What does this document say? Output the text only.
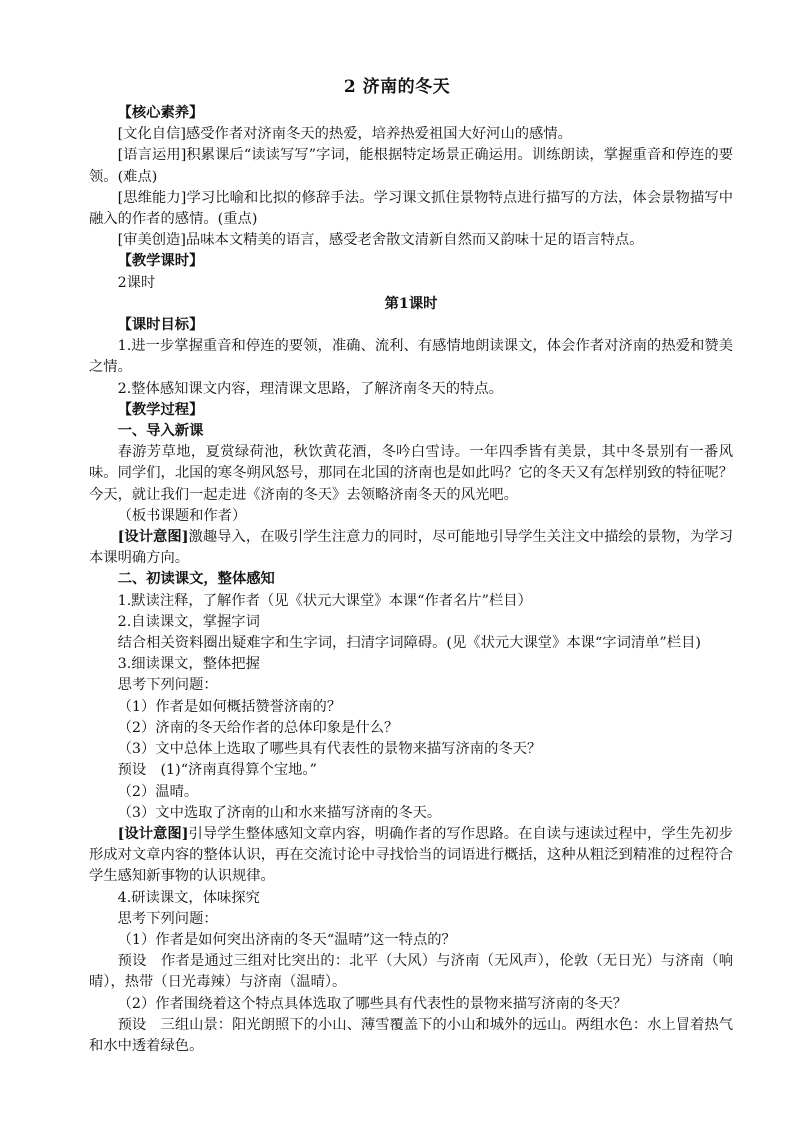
2 济南的冬天

【核心素养】

[文化自信]感受作者对济南冬天的热爱，培养热爱祖国大好河山的感情。

[语言运用]积累课后“读读写写”字词，能根据特定场景正确运用。训练朗读，掌握重音和停连的要领。(难点)

[思维能力]学习比喻和比拟的修辞手法。学习课文抓住景物特点进行描写的方法，体会景物描写中融入的作者的感情。(重点)

[审美创造]品味本文精美的语言，感受老舍散文清新自然而又韵味十足的语言特点。

【教学课时】

2课时

第1课时

【课时目标】

1.进一步掌握重音和停连的要领，准确、流利、有感情地朗读课文，体会作者对济南的热爱和赞美之情。

2.整体感知课文内容，理清课文思路，了解济南冬天的特点。

【教学过程】

一、导入新课

春游芳草地，夏赏绿荷池，秋饮黄花酒，冬吟白雪诗。一年四季皆有美景，其中冬景别有一番风味。同学们，北国的寒冬朔风怒号，那同在北国的济南也是如此吗？它的冬天又有怎样别致的特征呢？今天，就让我们一起走进《济南的冬天》去领略济南冬天的风光吧。

（板书课题和作者）

[设计意图]激趣导入，在吸引学生注意力的同时，尽可能地引导学生关注文中描绘的景物，为学习本课明确方向。

二、初读课文，整体感知

1.默读注释，了解作者（见《状元大课堂》本课“作者名片”栏目）

2.自读课文，掌握字词

结合相关资料圈出疑难字和生字词，扫清字词障碍。(见《状元大课堂》本课“字词清单”栏目)

3.细读课文，整体把握

思考下列问题：

（1）作者是如何概括赞誉济南的？

（2）济南的冬天给作者的总体印象是什么？

（3）文中总体上选取了哪些具有代表性的景物来描写济南的冬天？

预设　(1)“济南真得算个宝地。”

（2）温晴。

（3）文中选取了济南的山和水来描写济南的冬天。

[设计意图]引导学生整体感知文章内容，明确作者的写作思路。在自读与速读过程中，学生先初步形成对文章内容的整体认识，再在交流讨论中寻找恰当的词语进行概括，这种从粗泛到精准的过程符合学生感知新事物的认识规律。

4.研读课文，体味探究

思考下列问题：

（1）作者是如何突出济南的冬天“温晴”这一特点的？

预设　作者是通过三组对比突出的：北平（大风）与济南（无风声），伦敦（无日光）与济南（响晴），热带（日光毒辣）与济南（温晴）。

（2）作者围绕着这个特点具体选取了哪些具有代表性的景物来描写济南的冬天？

预设　三组山景：阳光朗照下的小山、薄雪覆盖下的小山和城外的远山。两组水色：水上冒着热气和水中透着绿色。
